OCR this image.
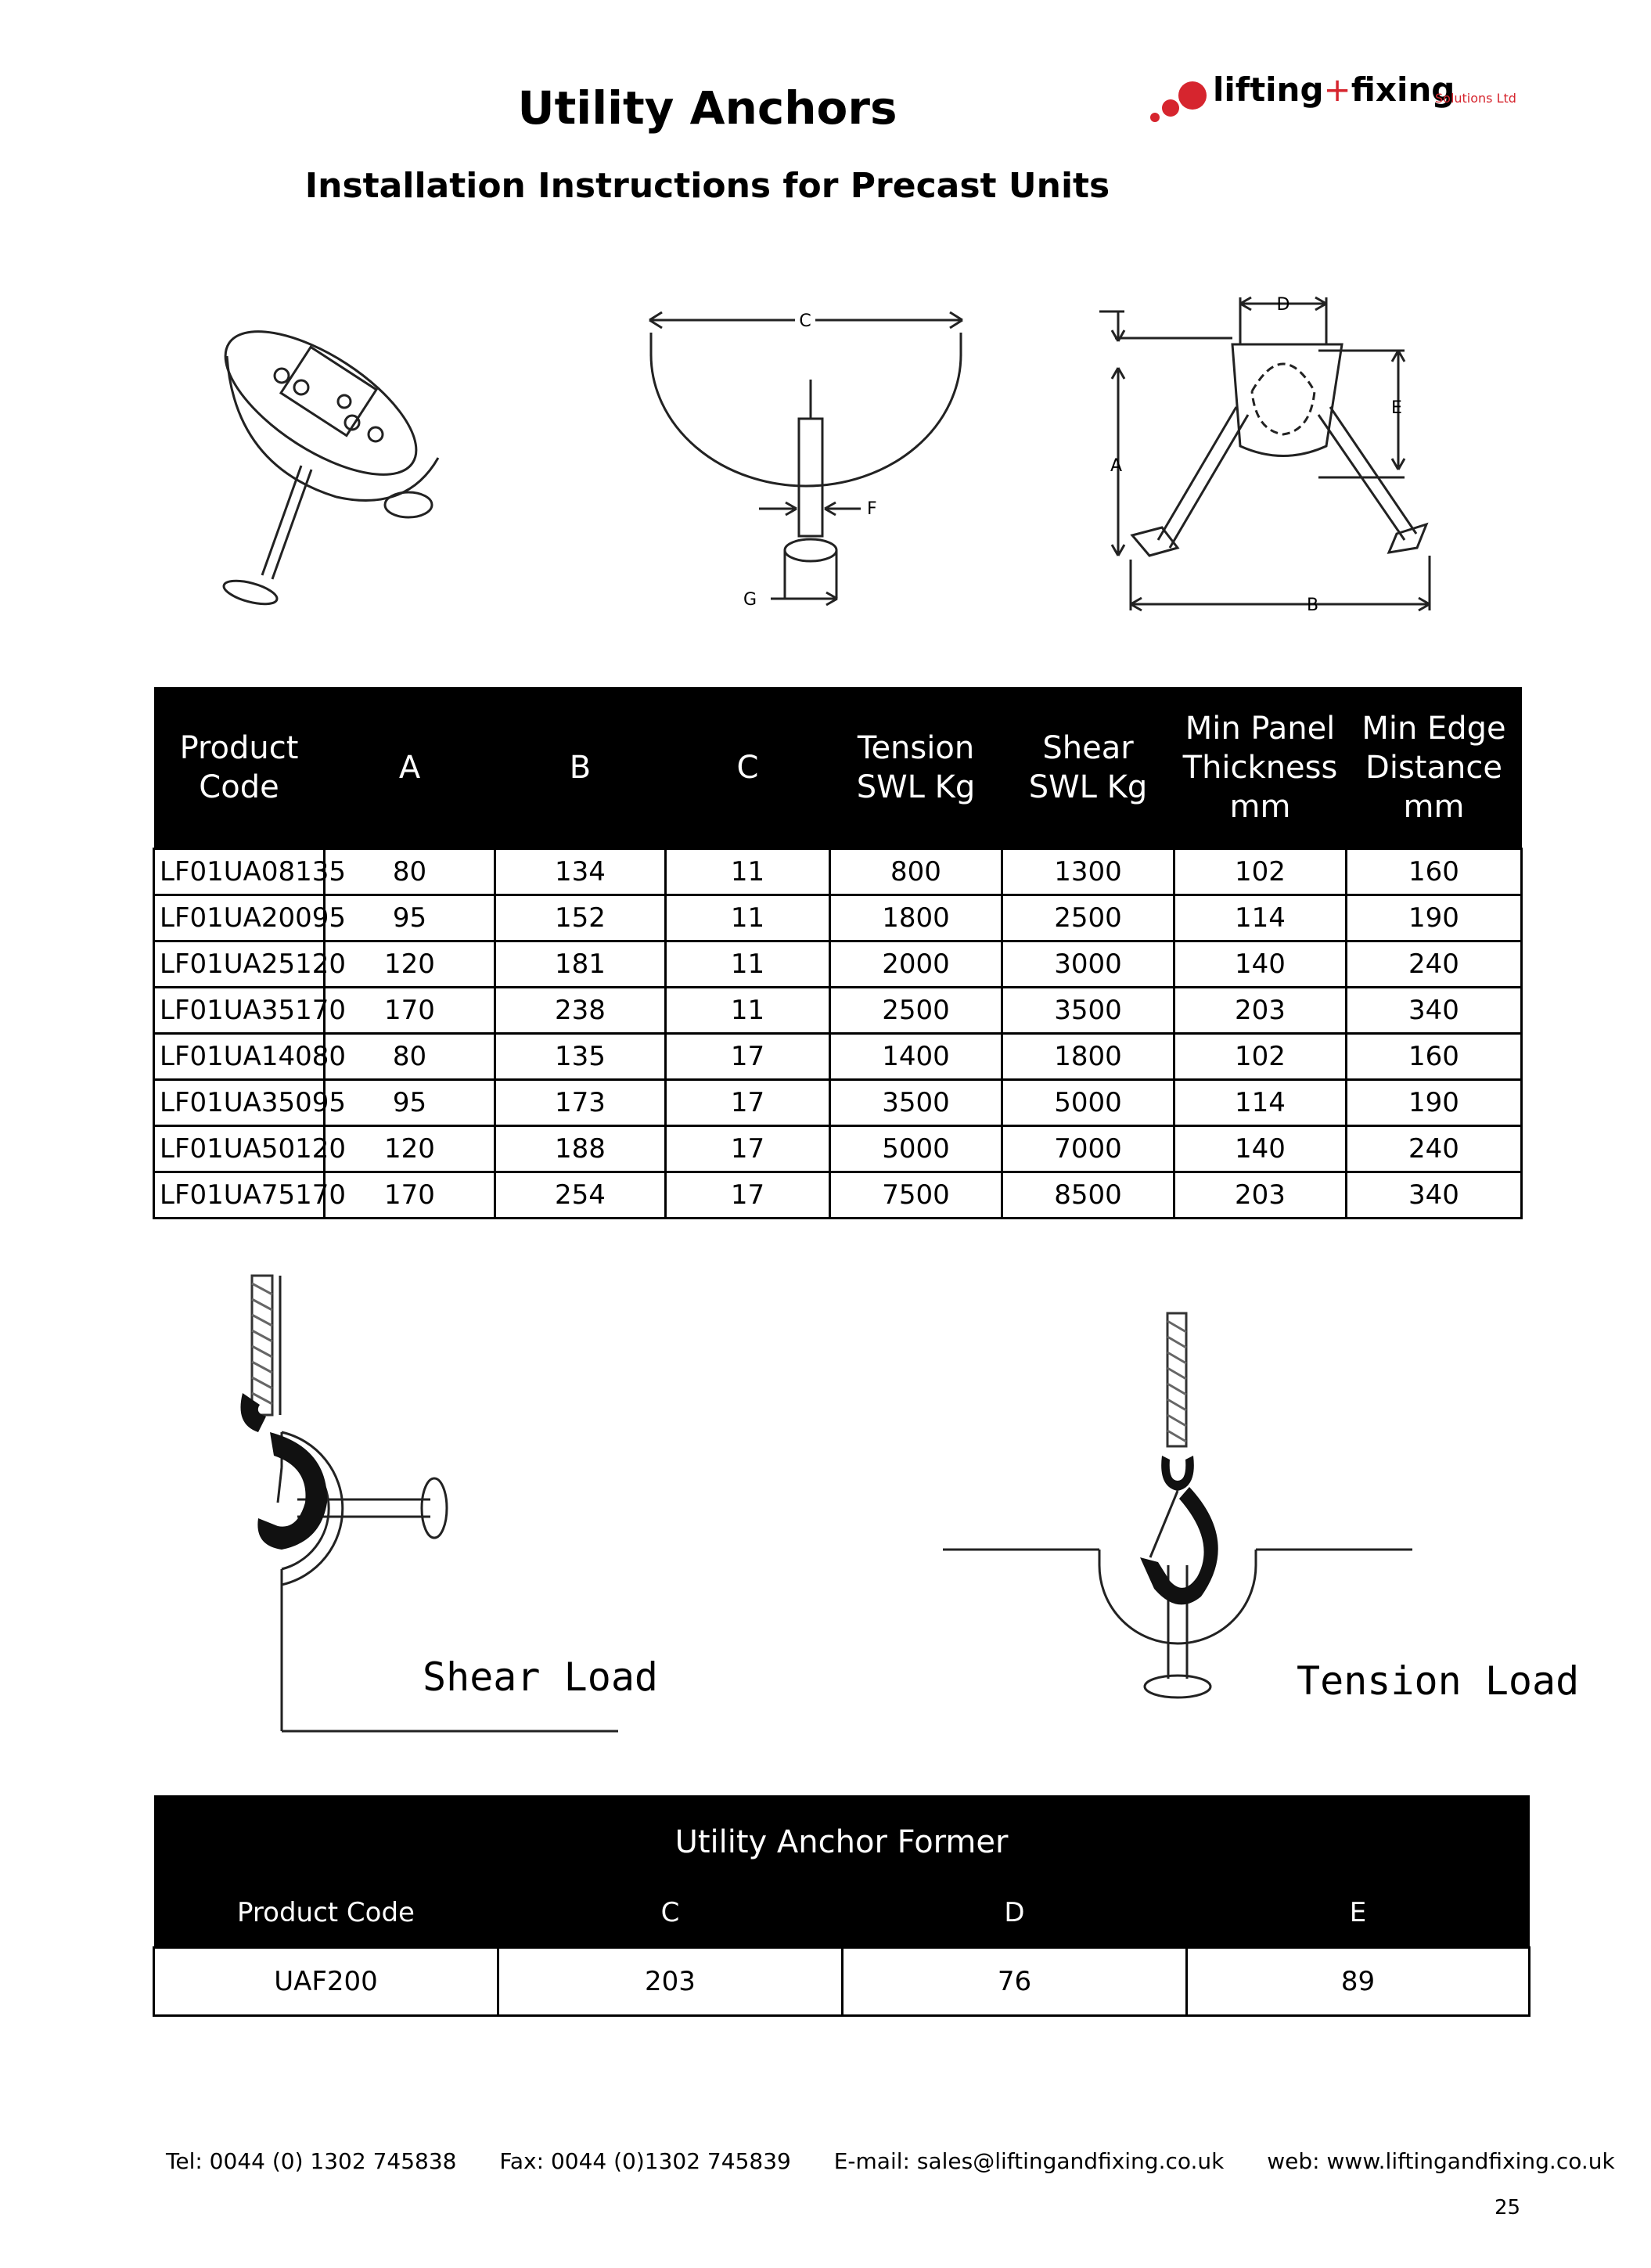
Utility Anchors
Installation Instructions for Precast Units
lifting+fixing
Solutions Ltd
C
F
G
D
E
A
B
Product Code	A	B	C	Tension SWL Kg	Shear SWL Kg	Min Panel Thickness mm	Min Edge Distance mm
LF01UA08135	80	134	11	800	1300	102	160
LF01UA20095	95	152	11	1800	2500	114	190
LF01UA25120	120	181	11	2000	3000	140	240
LF01UA35170	170	238	11	2500	3500	203	340
LF01UA14080	80	135	17	1400	1800	102	160
LF01UA35095	95	173	17	3500	5000	114	190
LF01UA50120	120	188	17	5000	7000	140	240
LF01UA75170	170	254	17	7500	8500	203	340
Shear Load	Tension Load
Utility Anchor Former			
Product Code	C	D	E
UAF200	203	76	89
Tel: 0044 (0) 1302 745838 Fax: 0044 (0)1302 745839 E-mail: sales@liftingandfixing.co.uk web: www.liftingandfixing.co.uk
25
